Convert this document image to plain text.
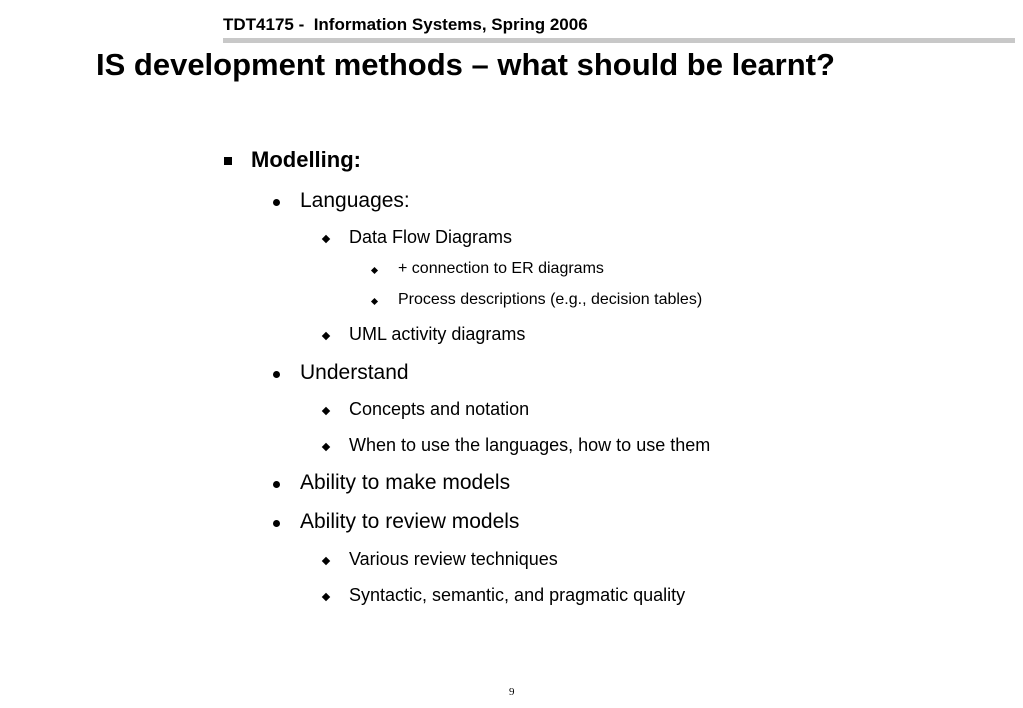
TDT4175 -  Information Systems, Spring 2006
IS development methods – what should be learnt?
Modelling:
Languages:
Data Flow Diagrams
+ connection to ER diagrams
Process descriptions (e.g., decision tables)
UML activity diagrams
Understand
Concepts and notation
When to use the languages, how to use them
Ability to make models
Ability to review models
Various review techniques
Syntactic, semantic, and pragmatic quality
9
